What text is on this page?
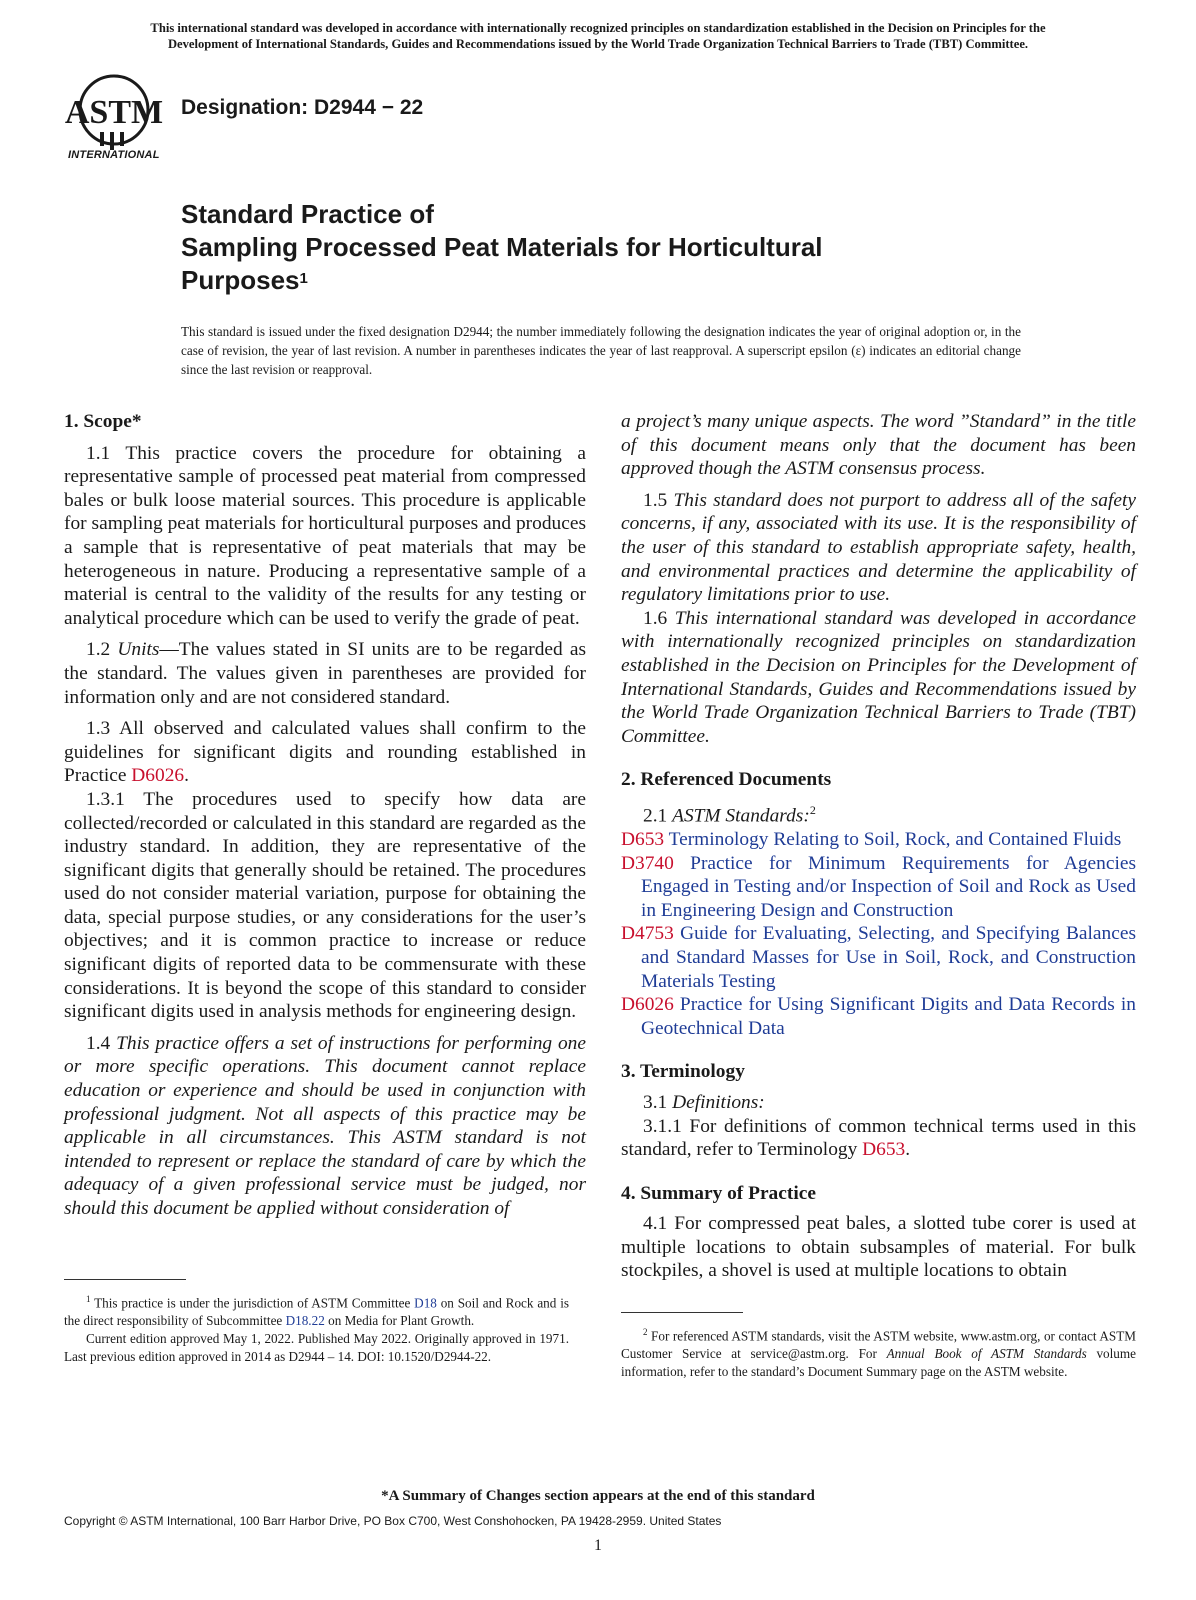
This international standard was developed in accordance with internationally recognized principles on standardization established in the Decision on Principles for the
Development of International Standards, Guides and Recommendations issued by the World Trade Organization Technical Barriers to Trade (TBT) Committee.
ASTM
INTERNATIONAL
Designation: D2944 − 22
Standard Practice of
Sampling Processed Peat Materials for Horticultural
Purposes$^1$
This standard is issued under the fixed designation D2944; the number immediately following the designation indicates the year of original adoption or, in the case of revision, the year of last revision. A number in parentheses indicates the year of last reapproval. A superscript epsilon (ε) indicates an editorial change since the last revision or reapproval.
1. Scope*

1.1 This practice covers the procedure for obtaining a representative sample of processed peat material from compressed bales or bulk loose material sources. This procedure is applicable for sampling peat materials for horticultural purposes and produces a sample that is representative of peat materials that may be heterogeneous in nature. Producing a representative sample of a material is central to the validity of the results for any testing or analytical procedure which can be used to verify the grade of peat.

1.2 Units—The values stated in SI units are to be regarded as the standard. The values given in parentheses are provided for information only and are not considered standard.

1.3 All observed and calculated values shall confirm to the guidelines for significant digits and rounding established in Practice D6026.

1.3.1 The procedures used to specify how data are collected/recorded or calculated in this standard are regarded as the industry standard. In addition, they are representative of the significant digits that generally should be retained. The procedures used do not consider material variation, purpose for obtaining the data, special purpose studies, or any considerations for the user’s objectives; and it is common practice to increase or reduce significant digits of reported data to be commensurate with these considerations. It is beyond the scope of this standard to consider significant digits used in analysis methods for engineering design.

1.4 This practice offers a set of instructions for performing one or more specific operations. This document cannot replace education or experience and should be used in conjunction with professional judgment. Not all aspects of this practice may be applicable in all circumstances. This ASTM standard is not intended to represent or replace the standard of care by which the adequacy of a given professional service must be judged, nor should this document be applied without consideration of

$^1$ This practice is under the jurisdiction of ASTM Committee D18 on Soil and Rock and is the direct responsibility of Subcommittee D18.22 on Media for Plant Growth.

Current edition approved May 1, 2022. Published May 2022. Originally approved in 1971. Last previous edition approved in 2014 as D2944 – 14. DOI: 10.1520/D2944-22.

a project’s many unique aspects. The word ”Standard” in the title of this document means only that the document has been approved though the ASTM consensus process.

1.5 This standard does not purport to address all of the safety concerns, if any, associated with its use. It is the responsibility of the user of this standard to establish appropriate safety, health, and environmental practices and determine the applicability of regulatory limitations prior to use.

1.6 This international standard was developed in accordance with internationally recognized principles on standardization established in the Decision on Principles for the Development of International Standards, Guides and Recommendations issued by the World Trade Organization Technical Barriers to Trade (TBT) Committee.

2. Referenced Documents

2.1 ASTM Standards:$^2$

D653 Terminology Relating to Soil, Rock, and Contained Fluids

D3740 Practice for Minimum Requirements for Agencies Engaged in Testing and/or Inspection of Soil and Rock as Used in Engineering Design and Construction

D4753 Guide for Evaluating, Selecting, and Specifying Balances and Standard Masses for Use in Soil, Rock, and Construction Materials Testing

D6026 Practice for Using Significant Digits and Data Records in Geotechnical Data

3. Terminology

3.1 Definitions:

3.1.1 For definitions of common technical terms used in this standard, refer to Terminology D653.

4. Summary of Practice

4.1 For compressed peat bales, a slotted tube corer is used at multiple locations to obtain subsamples of material. For bulk stockpiles, a shovel is used at multiple locations to obtain

$^2$ For referenced ASTM standards, visit the ASTM website, www.astm.org, or contact ASTM Customer Service at service@astm.org. For Annual Book of ASTM Standards volume information, refer to the standard’s Document Summary page on the ASTM website.

*A Summary of Changes section appears at the end of this standard
Copyright © ASTM International, 100 Barr Harbor Drive, PO Box C700, West Conshohocken, PA 19428-2959. United States
1
